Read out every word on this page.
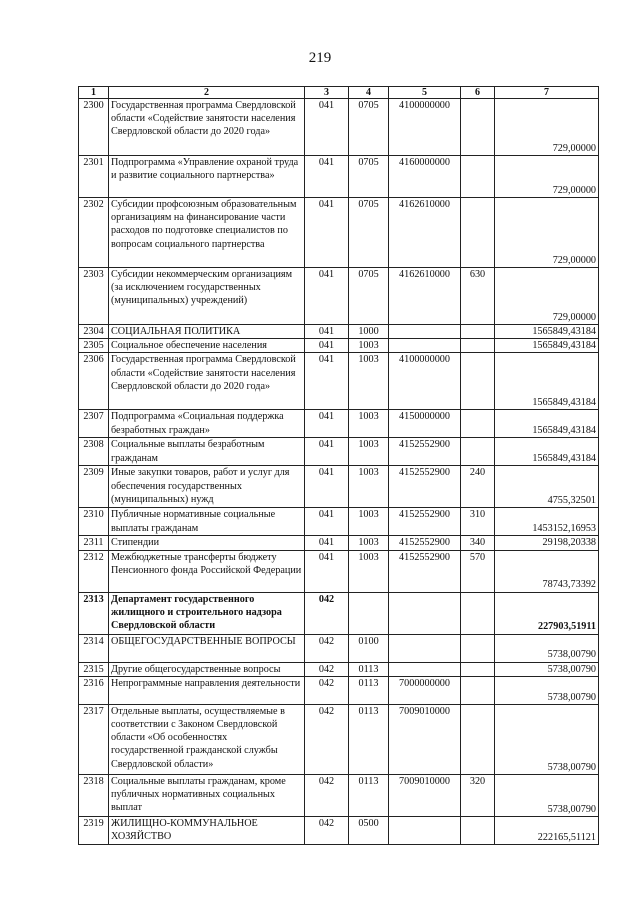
219
1	2	3	4	5	6	7
2300	Государственная программа Свердловской области «Содействие занятости населения Свердловской области до 2020 года»	041	0705	4100000000		729,00000
2301	Подпрограмма «Управление охраной труда и развитие социального партнерства»	041	0705	4160000000		729,00000
2302	Субсидии профсоюзным образовательным организациям на финансирование части расходов по подготовке специалистов по вопросам социального партнерства	041	0705	4162610000		729,00000
2303	Субсидии некоммерческим организациям (за исключением государственных (муниципальных) учреждений)	041	0705	4162610000	630	729,00000
2304	СОЦИАЛЬНАЯ ПОЛИТИКА	041	1000			1565849,43184
2305	Социальное обеспечение населения	041	1003			1565849,43184
2306	Государственная программа Свердловской области «Содействие занятости населения Свердловской области до 2020 года»	041	1003	4100000000		1565849,43184
2307	Подпрограмма «Социальная поддержка безработных граждан»	041	1003	4150000000		1565849,43184
2308	Социальные выплаты безработным гражданам	041	1003	4152552900		1565849,43184
2309	Иные закупки товаров, работ и услуг для обеспечения государственных (муниципальных) нужд	041	1003	4152552900	240	4755,32501
2310	Публичные нормативные социальные выплаты гражданам	041	1003	4152552900	310	1453152,16953
2311	Стипендии	041	1003	4152552900	340	29198,20338
2312	Межбюджетные трансферты бюджету Пенсионного фонда Российской Федерации	041	1003	4152552900	570	78743,73392
2313	Департамент государственного жилищного и строительного надзора Свердловской области	042				227903,51911
2314	ОБЩЕГОСУДАРСТВЕННЫЕ ВОПРОСЫ	042	0100			5738,00790
2315	Другие общегосударственные вопросы	042	0113			5738,00790
2316	Непрограммные направления деятельности	042	0113	7000000000		5738,00790
2317	Отдельные выплаты, осуществляемые в соответствии с Законом Свердловской области «Об особенностях государственной гражданской службы Свердловской области»	042	0113	7009010000		5738,00790
2318	Социальные выплаты гражданам, кроме публичных нормативных социальных выплат	042	0113	7009010000	320	5738,00790
2319	ЖИЛИЩНО-КОММУНАЛЬНОЕ ХОЗЯЙСТВО	042	0500			222165,51121
